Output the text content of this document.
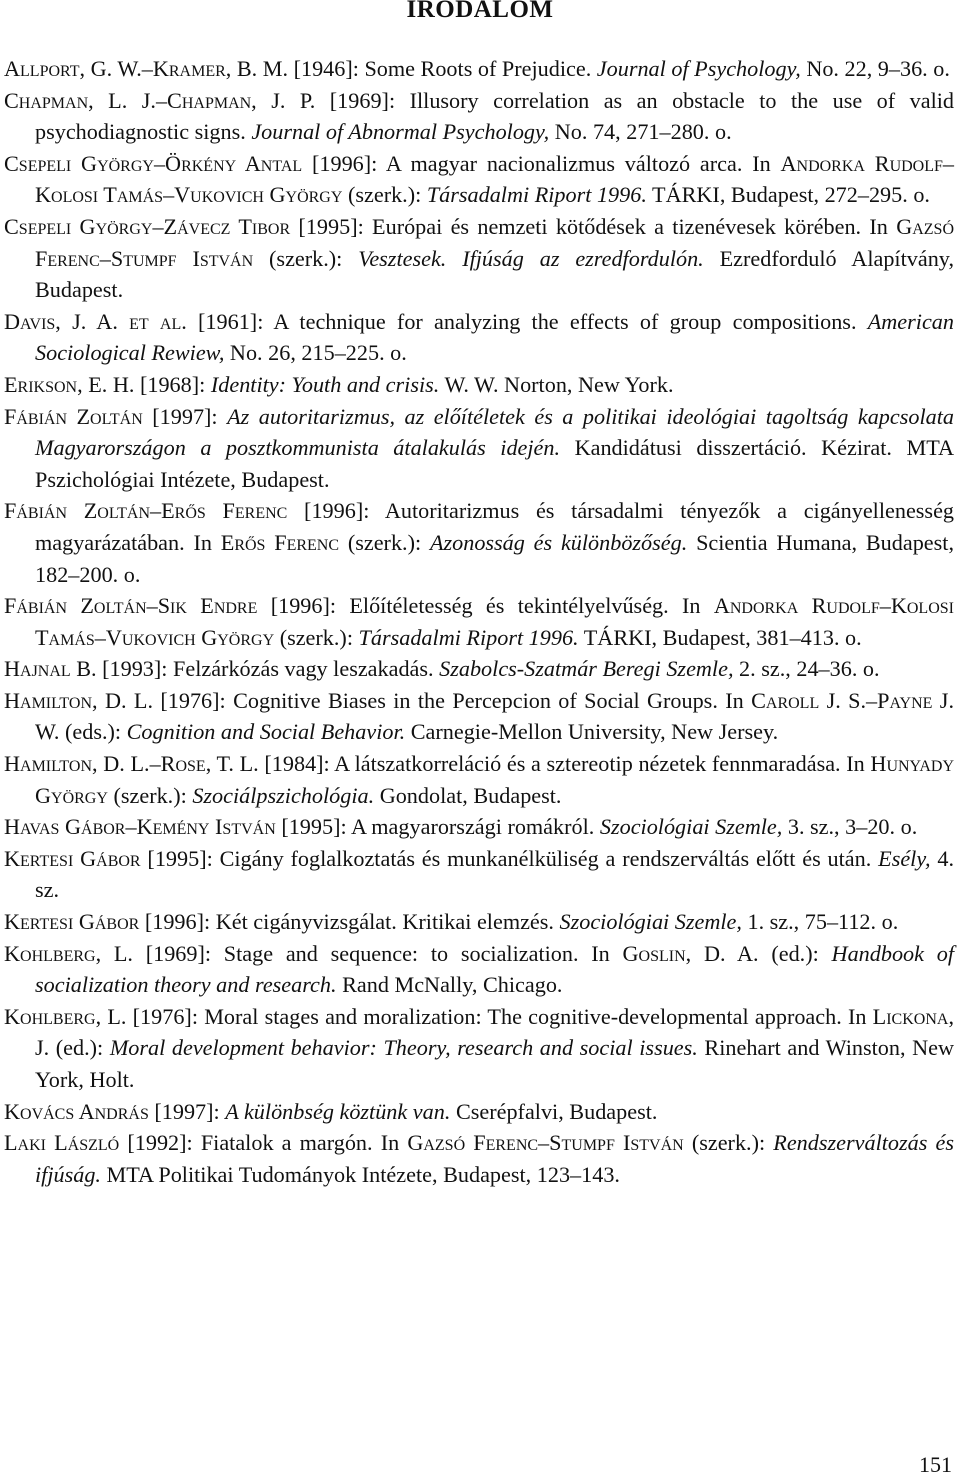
IRODALOM
Allport, G. W.–Kramer, B. M. [1946]: Some Roots of Prejudice. Journal of Psychology, No. 22, 9–36. o.
Chapman, L. J.–Chapman, J. P. [1969]: Illusory correlation as an obstacle to the use of valid psychodiagnostic signs. Journal of Abnormal Psychology, No. 74, 271–280. o.
Csepeli György–Örkény Antal [1996]: A magyar nacionalizmus változó arca. In Andorka Rudolf–Kolosi Tamás–Vukovich György (szerk.): Társadalmi Riport 1996. TÁRKI, Budapest, 272–295. o.
Csepeli György–Závecz Tibor [1995]: Európai és nemzeti kötődések a tizenévesek körében. In Gazsó Ferenc–Stumpf István (szerk.): Vesztesek. Ifjúság az ezredfordulón. Ezredforduló Alapítvány, Budapest.
Davis, J. A. et al. [1961]: A technique for analyzing the effects of group compositions. American Sociological Rewiew, No. 26, 215–225. o.
Erikson, E. H. [1968]: Identity: Youth and crisis. W. W. Norton, New York.
Fábián Zoltán [1997]: Az autoritarizmus, az előítéletek és a politikai ideológiai tagoltság kapcsolata Magyarországon a posztkommunista átalakulás idején. Kandidátusi disszertáció. Kézirat. MTA Pszichológiai Intézete, Budapest.
Fábián Zoltán–Erős Ferenc [1996]: Autoritarizmus és társadalmi tényezők a cigányellenesség magyarázatában. In Erős Ferenc (szerk.): Azonosság és különbözőség. Scientia Humana, Budapest, 182–200. o.
Fábián Zoltán–Sik Endre [1996]: Előítéletesség és tekintélyelvűség. In Andorka Rudolf–Kolosi Tamás–Vukovich György (szerk.): Társadalmi Riport 1996. TÁRKI, Budapest, 381–413. o.
Hajnal B. [1993]: Felzárkózás vagy leszakadás. Szabolcs-Szatmár Beregi Szemle, 2. sz., 24–36. o.
Hamilton, D. L. [1976]: Cognitive Biases in the Percepcion of Social Groups. In Caroll J. S.–Payne J. W. (eds.): Cognition and Social Behavior. Carnegie-Mellon University, New Jersey.
Hamilton, D. L.–Rose, T. L. [1984]: A látszatkorreláció és a sztereotip nézetek fennmaradása. In Hunyady György (szerk.): Szociálpszichológia. Gondolat, Budapest.
Havas Gábor–Kemény István [1995]: A magyarországi romákról. Szociológiai Szemle, 3. sz., 3–20. o.
Kertesi Gábor [1995]: Cigány foglalkoztatás és munkanélküliség a rendszerváltás előtt és után. Esély, 4. sz.
Kertesi Gábor [1996]: Két cigányvizsgálat. Kritikai elemzés. Szociológiai Szemle, 1. sz., 75–112. o.
Kohlberg, L. [1969]: Stage and sequence: to socialization. In Goslin, D. A. (ed.): Handbook of socialization theory and research. Rand McNally, Chicago.
Kohlberg, L. [1976]: Moral stages and moralization: The cognitive-developmental approach. In Lickona, J. (ed.): Moral development behavior: Theory, research and social issues. Rinehart and Winston, New York, Holt.
Kovács András [1997]: A különbség köztünk van. Cserépfalvi, Budapest.
Laki László [1992]: Fiatalok a margón. In Gazsó Ferenc–Stumpf István (szerk.): Rendszerváltozás és ifjúság. MTA Politikai Tudományok Intézete, Budapest, 123–143.
151
